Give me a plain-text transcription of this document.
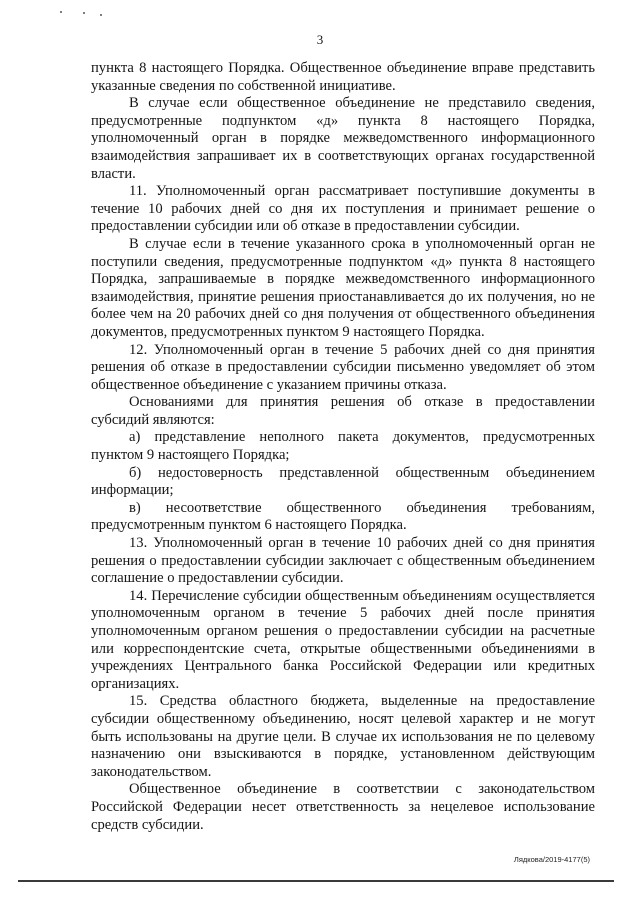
3

пункта 8 настоящего Порядка. Общественное объединение вправе представить указанные сведения по собственной инициативе.

В случае если общественное объединение не представило сведения, предусмотренные подпунктом «д» пункта 8 настоящего Порядка, уполномоченный орган в порядке межведомственного информационного взаимодействия запрашивает их в соответствующих органах государственной власти.

11. Уполномоченный орган рассматривает поступившие документы в течение 10 рабочих дней со дня их поступления и принимает решение о предоставлении субсидии или об отказе в предоставлении субсидии.

В случае если в течение указанного срока в уполномоченный орган не поступили сведения, предусмотренные подпунктом «д» пункта 8 настоящего Порядка, запрашиваемые в порядке межведомственного информационного взаимодействия, принятие решения приостанавливается до их получения, но не более чем на 20 рабочих дней со дня получения от общественного объединения документов, предусмотренных пунктом 9 настоящего Порядка.

12. Уполномоченный орган в течение 5 рабочих дней со дня принятия решения об отказе в предоставлении субсидии письменно уведомляет об этом общественное объединение с указанием причины отказа.

Основаниями для принятия решения об отказе в предоставлении субсидий являются:

а) представление неполного пакета документов, предусмотренных пунктом 9 настоящего Порядка;

б) недостоверность представленной общественным объединением информации;

в) несоответствие общественного объединения требованиям, предусмотренным пунктом 6 настоящего Порядка.

13. Уполномоченный орган в течение 10 рабочих дней со дня принятия решения о предоставлении субсидии заключает с общественным объединением соглашение о предоставлении субсидии.

14. Перечисление субсидии общественным объединениям осуществляется уполномоченным органом в течение 5 рабочих дней после принятия уполномоченным органом решения о предоставлении субсидии на расчетные или корреспондентские счета, открытые общественными объединениями в учреждениях Центрального банка Российской Федерации или кредитных организациях.

15. Средства областного бюджета, выделенные на предоставление субсидии общественному объединению, носят целевой характер и не могут быть использованы на другие цели. В случае их использования не по целевому назначению они взыскиваются в порядке, установленном действующим законодательством.

Общественное объединение в соответствии с законодательством Российской Федерации несет ответственность за нецелевое использование средств субсидии.

Лядкова/2019-4177(5)
